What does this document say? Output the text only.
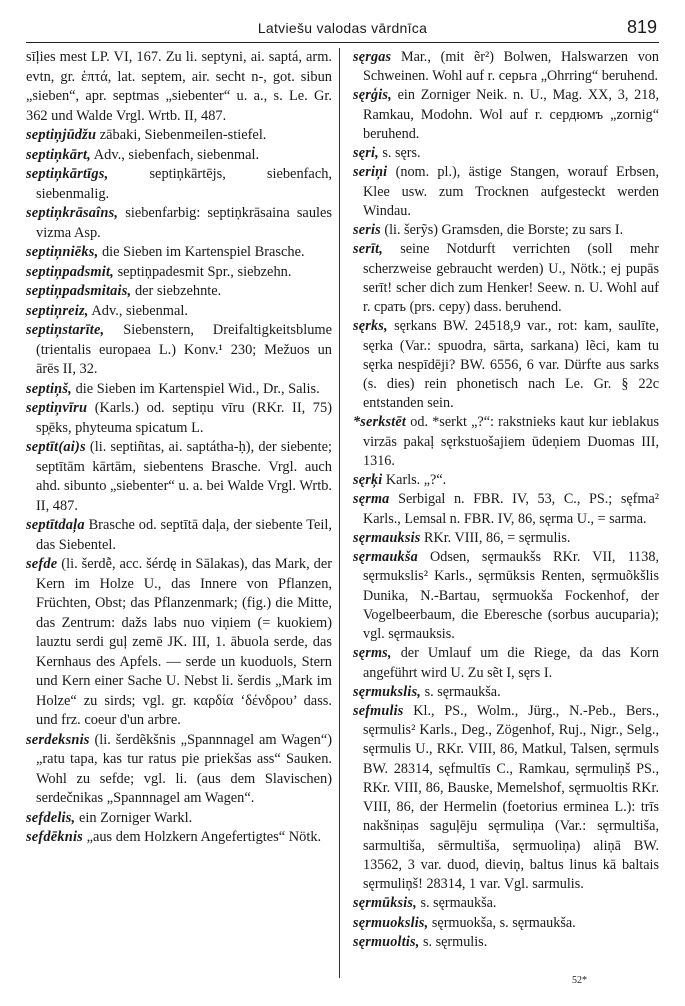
Latviešu valodas vārdnīca	819

sīļies mest LP. VI, 167. Zu li. septyni, ai. saptá, arm. evtn, gr. ἑπτά, lat. septem, air. secht n-, got. sibun „sieben“, apr. septmas „siebenter“ u. a., s. Le. Gr. 362 und Walde Vrgl. Wrtb. II, 487.

septiņjūdžu zābaki, Siebenmeilen-stiefel.

septiņkārt, Adv., siebenfach, siebenmal.

septiņkārtīgs, septiņkārtējs, siebenfach, siebenmalig.

septiņkrāsaîns, siebenfarbig: septiņkrāsaina saules vizma Asp.

septiņniēks, die Sieben im Kartenspiel Brasche.

septiņpadsmit, septiņpadesmit Spr., siebzehn.

septiņpadsmitais, der siebzehnte.

septiņreiz, Adv., siebenmal.

septiņstarīte, Siebenstern, Dreifaltigkeitsblume (trientalis europaea L.) Konv.¹ 230; Mežuos un ārēs II, 32.

septiņš, die Sieben im Kartenspiel Wid., Dr., Salis.

septiņvīru (Karls.) od. septiņu vīru (RKr. II, 75) sp̦ēks, phyteuma spicatum L.

septīt(ai)s (li. septiñtas, ai. saptátha-ḥ), der siebente; septītām kārtām, siebentens Brasche. Vrgl. auch ahd. sibunto „siebenter“ u. a. bei Walde Vrgl. Wrtb. II, 487.

septītdaļa Brasche od. septītā daļa, der siebente Teil, das Siebentel.

sefde (li. šerdễ, acc. šérdę in Sālakas), das Mark, der Kern im Holze U., das Innere von Pflanzen, Früchten, Obst; das Pflanzenmark; (fig.) die Mitte, das Zentrum: dažs labs nuo viņiem (= kuokiem) lauztu serdi guļ zemē JK. III, 1. ābuola serde, das Kernhaus des Apfels. — serde un kuoduols, Stern und Kern einer Sache U. Nebst li. šerdis „Mark im Holze“ zu sirds; vgl. gr. καρδία ‘δένδρου’ dass. und frz. coeur d'un arbre.

serdeksnis (li. šerdẽkšnis „Spannnagel am Wagen“) „ratu tapa, kas tur ratus pie priekšas ass“ Sauken. Wohl zu sefde; vgl. li. (aus dem Slavischen) serdečnikas „Spannnagel am Wagen“.

sefdelis, ein Zorniger Warkl.

sefdēknis „aus dem Holzkern Angefertigtes“ Nötk.

sęrgas Mar., (mit ẽr²) Bolwen, Halswarzen von Schweinen. Wohl auf r. серьга „Ohrring“ beruhend.

sęrģis, ein Zorniger Neik. n. U., Mag. XX, 3, 218, Ramkau, Modohn. Wol auf r. сердюмъ „zornig“ beruhend.

sęri, s. sęrs.

seriņi (nom. pl.), ästige Stangen, worauf Erbsen, Klee usw. zum Trocknen aufgesteckt werden Windau.

seris (li. šerỹs) Gramsden, die Borste; zu sars I.

serīt, seine Notdurft verrichten (soll mehr scherzweise gebraucht werden) U., Nötk.; ej pupās serīt! scher dich zum Henker! Seew. n. U. Wohl auf r. срать (prs. серу) dass. beruhend.

sęrks, sęrkans BW. 24518,9 var., rot: kam, saulīte, sęrka (Var.: spuodra, sārta, sarkana) lẽci, kam tu sęrka nespīdēji? BW. 6556, 6 var. Dürfte aus sarks (s. dies) rein phonetisch nach Le. Gr. § 22c entstanden sein.

*serkstēt od. *serkt „?“: rakstnieks kaut kur ieblakus virzās pakaļ sęrkstuošajiem ūdeņiem Duomas III, 1316.

sęrķi Karls. „?“.

sęrma Serbigal n. FBR. IV, 53, C., PS.; sęfma² Karls., Lemsal n. FBR. IV, 86, sęrma U., = sarma.

sęrmauksis RKr. VIII, 86, = sęrmulis.

sęrmaukša Odsen, sęrmaukšs RKr. VII, 1138, sęrmukslis² Karls., sęrmūksis Renten, sęrmuõkšlis Dunika, N.-Bartau, sęrmuokša Fockenhof, der Vogelbeerbaum, die Eberesche (sorbus aucuparia); vgl. sęrmauksis.

sęrms, der Umlauf um die Riege, da das Korn angeführt wird U. Zu sẽt I, sęrs I.

sęrmukslis, s. sęrmaukša.

sefmulis Kl., PS., Wolm., Jürg., N.-Peb., Bers., sęrmulis² Karls., Deg., Zögenhof, Ruj., Nigr., Selg., sęrmulis U., RKr. VIII, 86, Matkul, Talsen, sęrmuls BW. 28314, sęfmultīs C., Ramkau, sęrmuliņš PS., RKr. VIII, 86, Bauske, Memelshof, sęrmuoltis RKr. VIII, 86, der Hermelin (foetorius erminea L.): trīs nakšniņas saguļēju sęrmuliņa (Var.: sęrmultiša, sarmultiša, sērmultiša, sęrmuoliņa) aliņā BW. 13562, 3 var. duod, dieviņ, baltus linus kā baltais sęrmuliņš! 28314, 1 var. Vgl. sarmulis.

sęrmūksis, s. sęrmaukša.

sęrmuokslis, sęrmuokša, s. sęrmaukša.

sęrmuoltis, s. sęrmulis.

52*
